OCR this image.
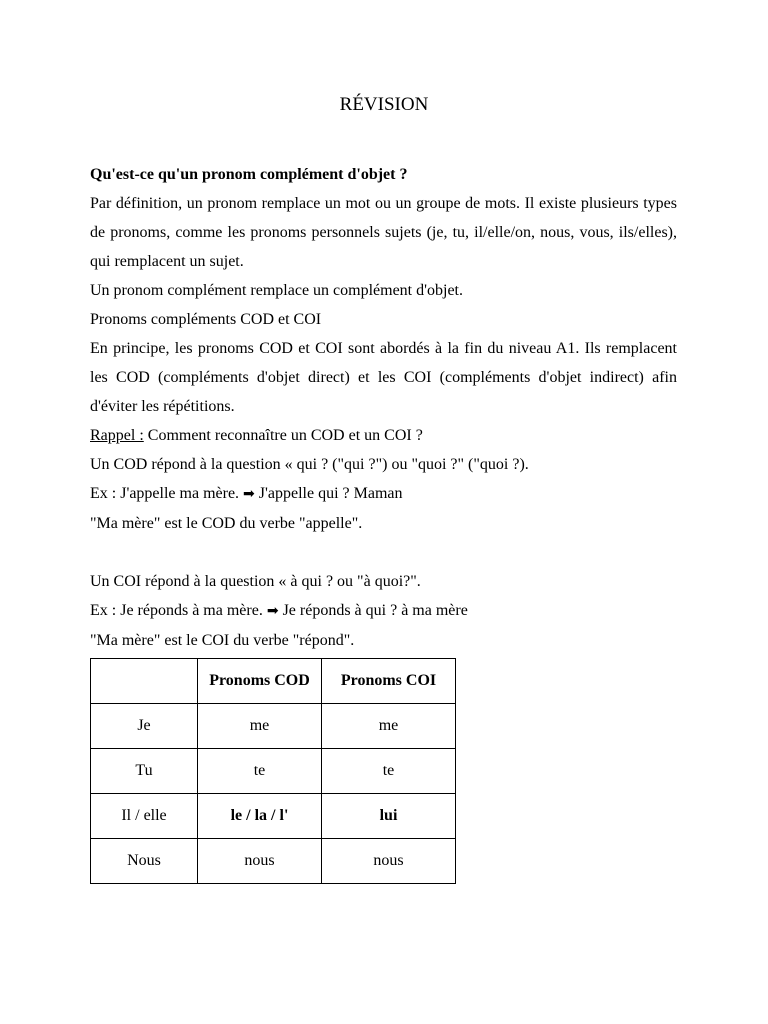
RÉVISION

Qu'est-ce qu'un pronom complément d'objet ?

Par définition, un pronom remplace un mot ou un groupe de mots. Il existe plusieurs types de pronoms, comme les pronoms personnels sujets (je, tu, il/elle/on, nous, vous, ils/elles), qui remplacent un sujet.

Un pronom complément remplace un complément d'objet.

Pronoms compléments COD et COI

En principe, les pronoms COD et COI sont abordés à la fin du niveau A1. Ils remplacent les COD (compléments d'objet direct) et les COI (compléments d'objet indirect) afin d'éviter les répétitions.

Rappel : Comment reconnaître un COD et un COI ?

Un COD répond à la question « qui ? ("qui ?") ou "quoi ?" ("quoi ?).

Ex : J'appelle ma mère. ➡ J'appelle qui ? Maman

"Ma mère" est le COD du verbe "appelle".

Un COI répond à la question « à qui ? ou "à quoi?".

Ex : Je réponds à ma mère. ➡ Je réponds à qui ? à ma mère

"Ma mère" est le COI du verbe "répond".

	Pronoms COD	Pronoms COI
Je	me	me
Tu	te	te
Il / elle	le / la / l'	lui
Nous	nous	nous
